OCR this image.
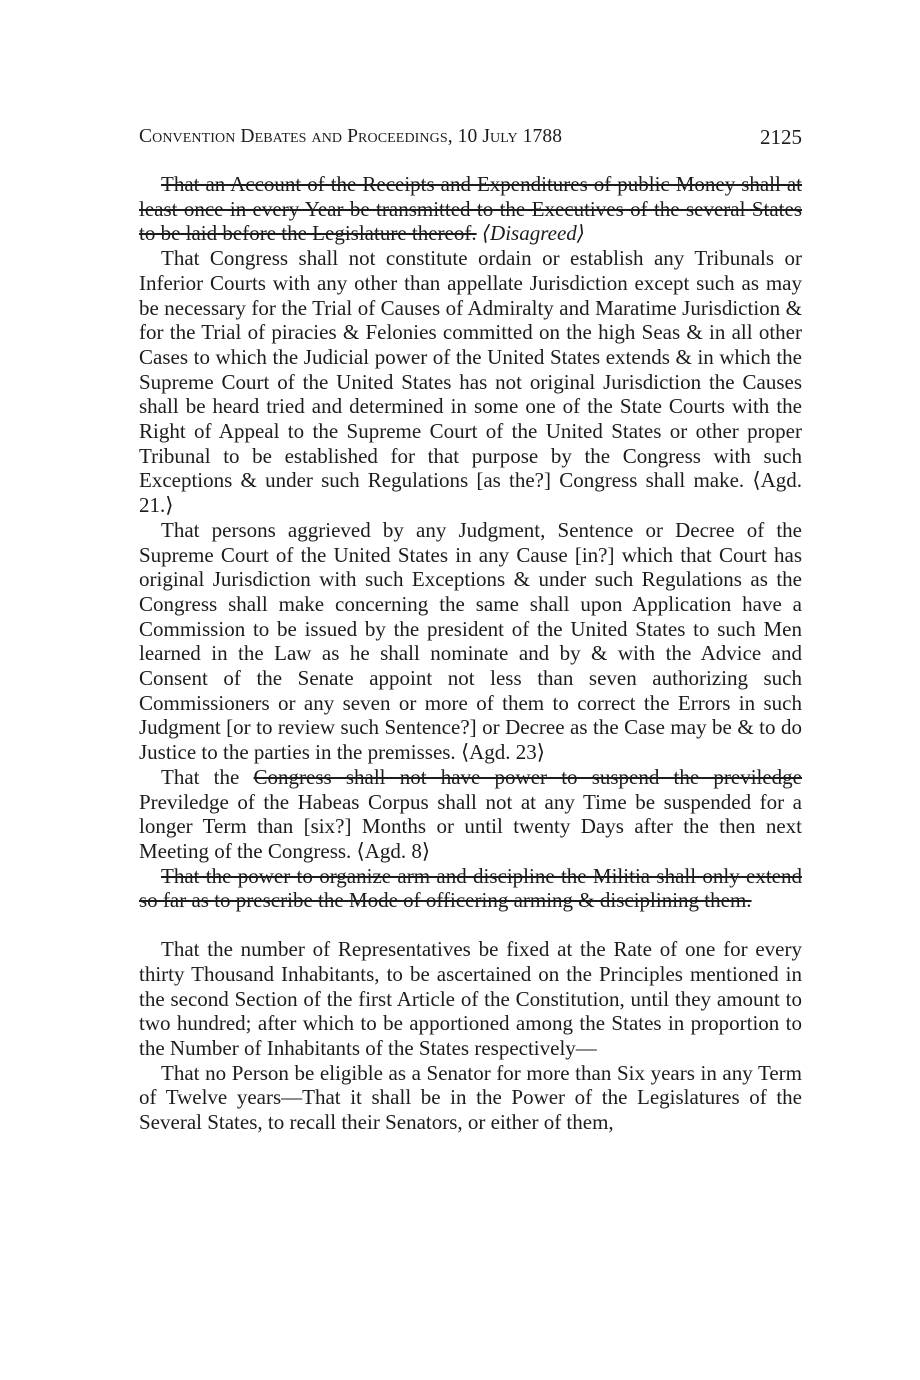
Convention Debates and Proceedings, 10 July 1788	2125

That an Account of the Receipts and Expenditures of public Money shall at least once in every Year be transmitted to the Executives of the several States to be laid before the Legislature thereof. ⟨Disagreed⟩

That Congress shall not constitute ordain or establish any Tribunals or Inferior Courts with any other than appellate Jurisdiction except such as may be necessary for the Trial of Causes of Admiralty and Maratime Jurisdiction & for the Trial of piracies & Felonies committed on the high Seas & in all other Cases to which the Judicial power of the United States extends & in which the Supreme Court of the United States has not original Jurisdiction the Causes shall be heard tried and determined in some one of the State Courts with the Right of Appeal to the Supreme Court of the United States or other proper Tribunal to be established for that purpose by the Congress with such Exceptions & under such Regulations [as the?] Congress shall make. ⟨Agd. 21.⟩

That persons aggrieved by any Judgment, Sentence or Decree of the Supreme Court of the United States in any Cause [in?] which that Court has original Jurisdiction with such Exceptions & under such Regulations as the Congress shall make concerning the same shall upon Application have a Commission to be issued by the president of the United States to such Men learned in the Law as he shall nominate and by & with the Advice and Consent of the Senate appoint not less than seven authorizing such Commissioners or any seven or more of them to correct the Errors in such Judgment [or to review such Sentence?] or Decree as the Case may be & to do Justice to the parties in the premisses. ⟨Agd. 23⟩

That the Congress shall not have power to suspend the previledge Previledge of the Habeas Corpus shall not at any Time be suspended for a longer Term than [six?] Months or until twenty Days after the then next Meeting of the Congress. ⟨Agd. 8⟩

That the power to organize arm and discipline the Militia shall only extend so far as to prescribe the Mode of officering arming & disciplining them.

That the number of Representatives be fixed at the Rate of one for every thirty Thousand Inhabitants, to be ascertained on the Principles mentioned in the second Section of the first Article of the Constitution, until they amount to two hundred; after which to be apportioned among the States in proportion to the Number of Inhabitants of the States respectively—

That no Person be eligible as a Senator for more than Six years in any Term of Twelve years—That it shall be in the Power of the Legislatures of the Several States, to recall their Senators, or either of them,
